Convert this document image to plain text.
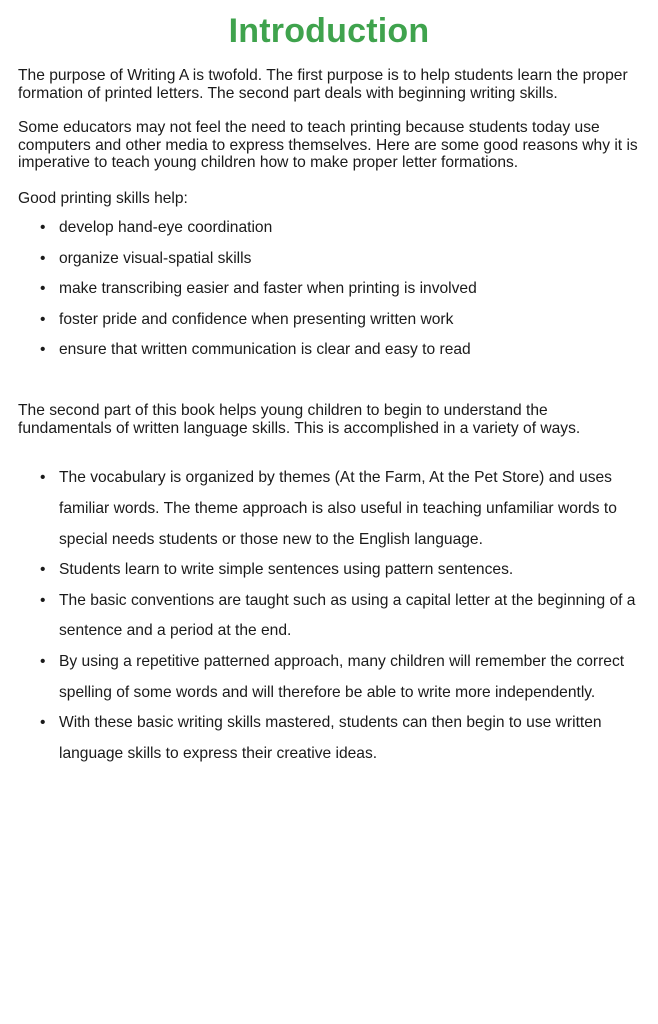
Introduction

The purpose of Writing A is twofold. The first purpose is to help students learn the proper formation of printed letters. The second part deals with beginning writing skills.

Some educators may not feel the need to teach printing because students today use computers and other media to express themselves. Here are some good reasons why it is imperative to teach young children how to make proper letter formations.

Good printing skills help:

• develop hand-eye coordination
• organize visual-spatial skills
• make transcribing easier and faster when printing is involved
• foster pride and confidence when presenting written work
• ensure that written communication is clear and easy to read

The second part of this book helps young children to begin to understand the fundamentals of written language skills. This is accomplished in a variety of ways.

• The vocabulary is organized by themes (At the Farm, At the Pet Store) and uses familiar words. The theme approach is also useful in teaching unfamiliar words to special needs students or those new to the English language.
• Students learn to write simple sentences using pattern sentences.
• The basic conventions are taught such as using a capital letter at the beginning of a sentence and a period at the end.
• By using a repetitive patterned approach, many children will remember the correct spelling of some words and will therefore be able to write more independently.
• With these basic writing skills mastered, students can then begin to use written language skills to express their creative ideas.
